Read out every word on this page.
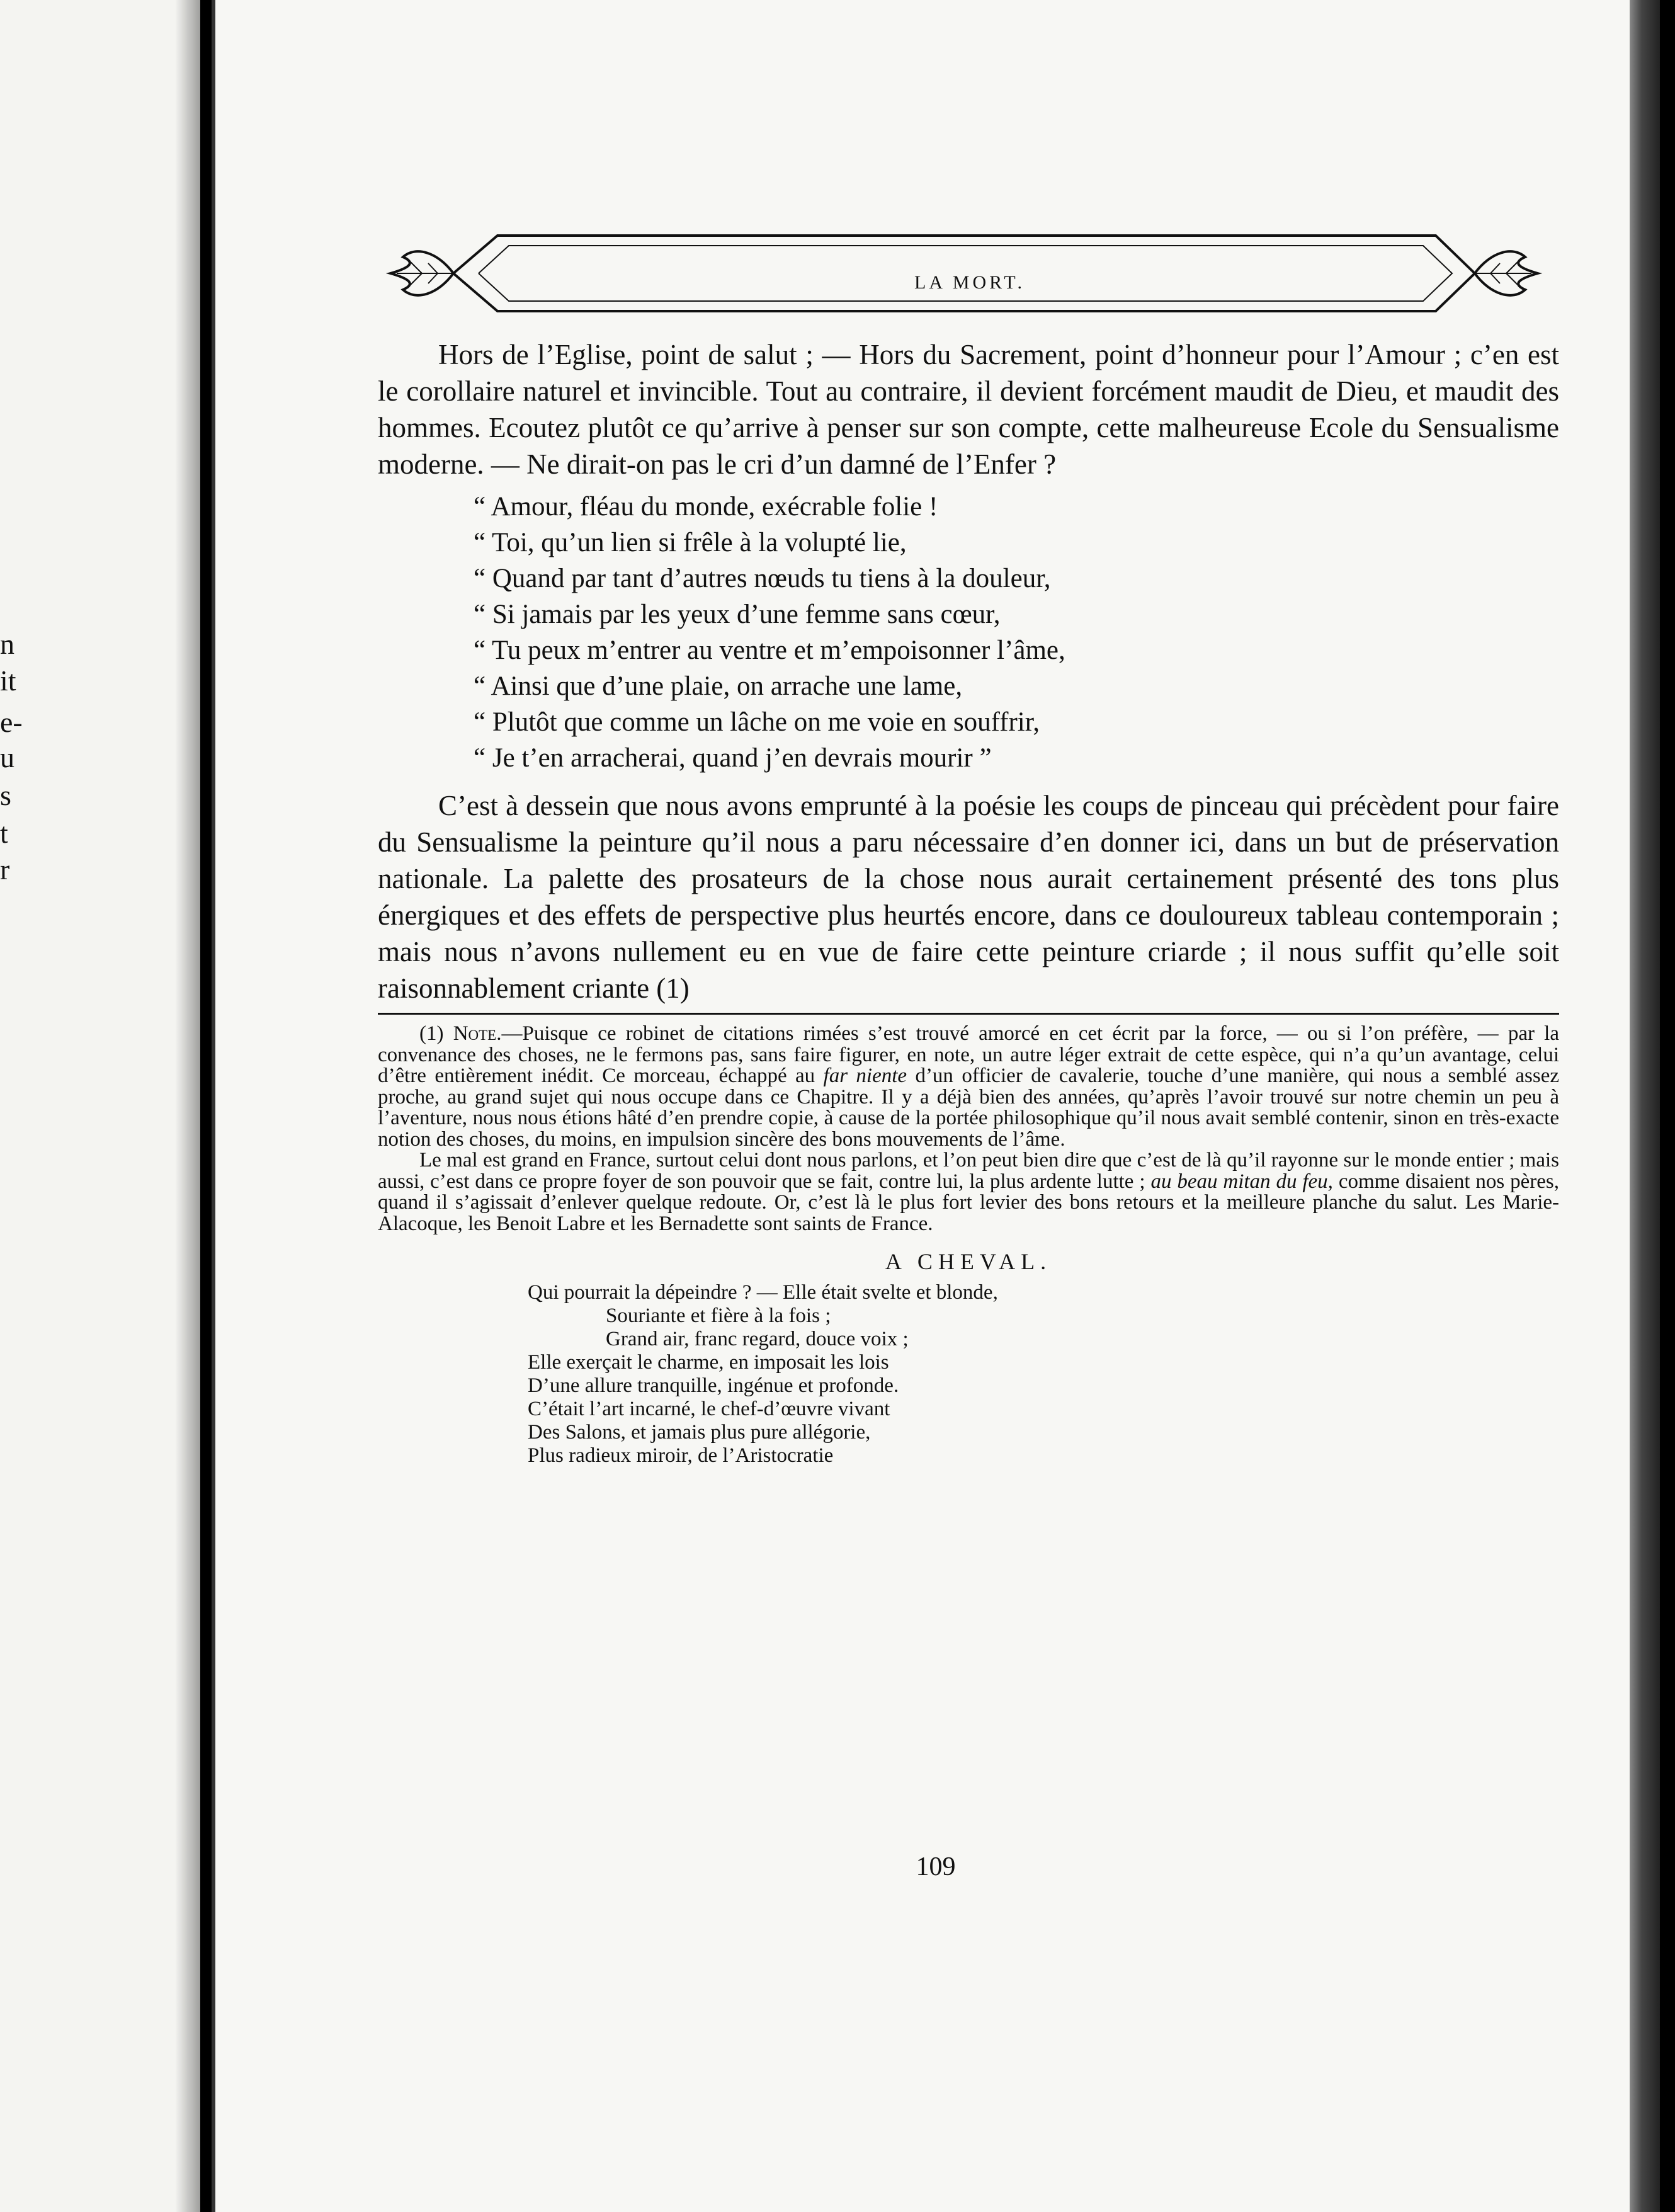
n
it
e-
u
s
t
r
LA MORT.

Hors de l’Eglise, point de salut ; — Hors du Sacrement, point d’honneur pour l’Amour ; c’en est le corollaire naturel et invincible. Tout au contraire, il devient forcément maudit de Dieu, et maudit des hommes. Ecoutez plutôt ce qu’arrive à penser sur son compte, cette malheureuse Ecole du Sensualisme moderne. — Ne dirait-on pas le cri d’un damné de l’Enfer ?

“ Amour, fléau du monde, exécrable folie !
“ Toi, qu’un lien si frêle à la volupté lie,
“ Quand par tant d’autres nœuds tu tiens à la douleur,
“ Si jamais par les yeux d’une femme sans cœur,
“ Tu peux m’entrer au ventre et m’empoisonner l’âme,
“ Ainsi que d’une plaie, on arrache une lame,
“ Plutôt que comme un lâche on me voie en souffrir,
“ Je t’en arracherai, quand j’en devrais mourir ”

C’est à dessein que nous avons emprunté à la poésie les coups de pinceau qui précèdent pour faire du Sensualisme la peinture qu’il nous a paru nécessaire d’en donner ici, dans un but de préservation nationale. La palette des prosateurs de la chose nous aurait certainement présenté des tons plus énergiques et des effets de perspective plus heurtés encore, dans ce douloureux tableau contemporain ; mais nous n’avons nullement eu en vue de faire cette peinture criarde ; il nous suffit qu’elle soit raisonnablement criante (1)

(1) Note.—Puisque ce robinet de citations rimées s’est trouvé amorcé en cet écrit par la force, — ou si l’on préfère, — par la convenance des choses, ne le fermons pas, sans faire figurer, en note, un autre léger extrait de cette espèce, qui n’a qu’un avantage, celui d’être entièrement inédit. Ce morceau, échappé au far niente d’un officier de cavalerie, touche d’une manière, qui nous a semblé assez proche, au grand sujet qui nous occupe dans ce Chapitre. Il y a déjà bien des années, qu’après l’avoir trouvé sur notre chemin un peu à l’aventure, nous nous étions hâté d’en prendre copie, à cause de la portée philosophique qu’il nous avait semblé contenir, sinon en très-exacte notion des choses, du moins, en impulsion sincère des bons mouvements de l’âme.

Le mal est grand en France, surtout celui dont nous parlons, et l’on peut bien dire que c’est de là qu’il rayonne sur le monde entier ; mais aussi, c’est dans ce propre foyer de son pouvoir que se fait, contre lui, la plus ardente lutte ; au beau mitan du feu, comme disaient nos pères, quand il s’agissait d’enlever quelque redoute. Or, c’est là le plus fort levier des bons retours et la meilleure planche du salut. Les Marie-Alacoque, les Benoit Labre et les Bernadette sont saints de France.

A CHEVAL.
Qui pourrait la dépeindre ? — Elle était svelte et blonde,
Souriante et fière à la fois ;
Grand air, franc regard, douce voix ;
Elle exerçait le charme, en imposait les lois
D’une allure tranquille, ingénue et profonde.
C’était l’art incarné, le chef-d’œuvre vivant
Des Salons, et jamais plus pure allégorie,
Plus radieux miroir, de l’Aristocratie
109
